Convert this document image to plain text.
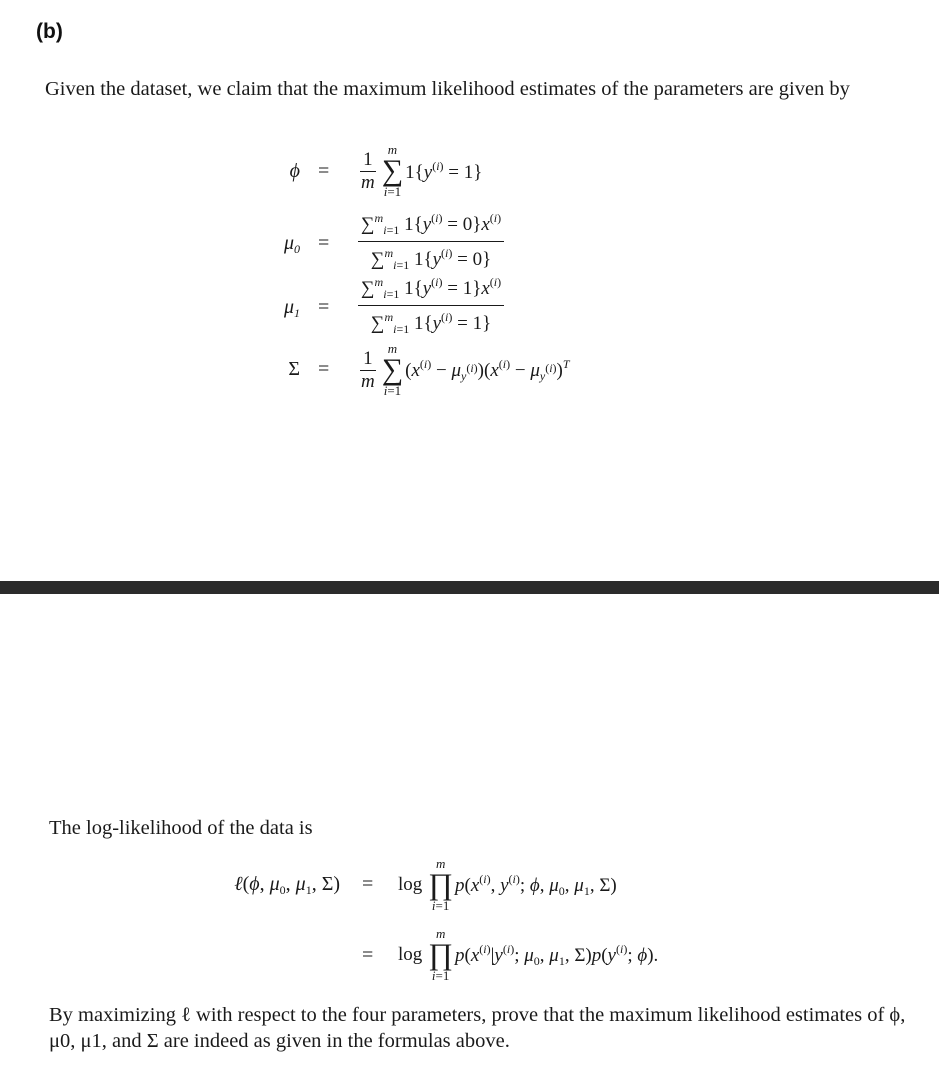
(b)
Given the dataset, we claim that the maximum likelihood estimates of the parameters are given by
$\phi = \frac{1}{m}$ m
∑
i=1
$1\{y^{(i)} = 1\}$
$\mu_0 = \frac{\sum^m_{i=1} 1\{y^{(i)} = 0\}x^{(i)}}{\sum^m_{i=1} 1\{y^{(i)} = 0\}}$
$\mu_1 = \frac{\sum^m_{i=1} 1\{y^{(i)} = 1\}x^{(i)}}{\sum^m_{i=1} 1\{y^{(i)} = 1\}}$
$\Sigma = \frac{1}{m}$ m
∑
i=1
$(x^{(i)} - \mu_{y^{(i)}})(x^{(i)} - \mu_{y^{(i)}})^T$
The log-likelihood of the data is
ℓ(ϕ, $\mu_0$, $\mu_1$, Σ) = log
m
∏
i=1
$p(x^{(i)}$, $y^{(i)}$; ϕ, $\mu_0$, $\mu_1$, Σ)
= log
m
∏
i=1
$p(x^{(i)}|y^{(i)}$; $\mu_0$, $\mu_1$, $\Sigma)p(y^{(i)}$; ϕ).
By maximizing ℓ with respect to the four parameters, prove that the maximum likelihood estimates of ϕ, μ0, μ1, and Σ are indeed as given in the formulas above.
